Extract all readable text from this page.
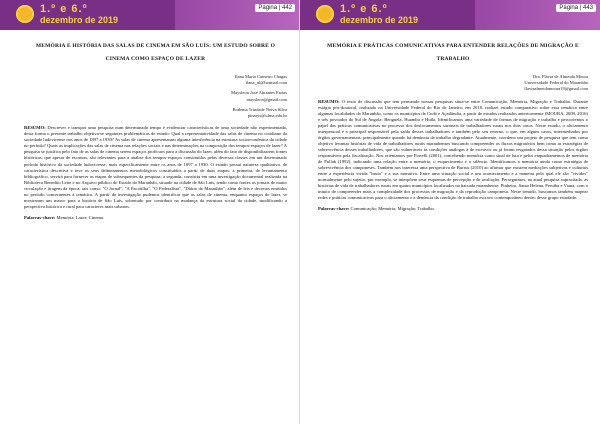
1.º e 6.º
dezembro de 2019
Página | 442
MEMÓRIA E HISTÓRIA DAS SALAS DE CINEMA EM SÃO LUÍS: UM ESTUDO SOBRE O CINEMA COMO ESPAÇO DE LAZER
Ilana Maria Carneiro Chagas
ilana_nl@hotmail.com
Maysleon José Abrantes Farias
maysleon@gmail.com
Bodenia Trindade Neiva Silva
pinarys@ufma.edu.br

RESUMO: Descrever e transpor uma pesquisa num determinado tempo é evidenciar características de uma sociedade não experimentada, desta forma o presente trabalho objetiva-se seguintes problemáticas de estudo: Qual a representatividade das salas de cinema no cotidiano da sociedade ludovicense nos anos de 1897 a 1930? As salas de cinema apresentaram alguma interferência na estrutura socioeconômica da cidade no período? Quais as implicações das salas de cinema nas relações sociais e nas determinações na composição dos tempos-espaços de lazer? A pesquisa se justifica pelo fato de as salas de cinema serem espaços profícuos para a discussão do lazer, além do fato de disponibilizarem fontes históricas, que apesar de escassas, são relevantes para a análise dos tempos-espaços constituídos pelas diversas classes em um determinado período histórico da sociedade ludovicense, mais especificamente entre os anos de 1897 a 1930. O estudo possui natureza qualitativa, de característica descritiva e teve os seus delineamentos metodológicos constituídos a partir de duas etapas: a primeira, de levantamento bibliográfico, servirá para fornecer as etapas de subsequentes da pesquisa; a segunda, consistiu em uma investigação documental realizada na Biblioteca Benedito Leite e no Arquivo público do Estado do Maranhão, situado na cidade de São Luís, tendo como fontes os jornais de maior circulação e tiragem da época, tais como: "O Jornal", "A Pacotilha", "O Federalista", "Diário do Maranhão", além de leis e decretos emitidos no período concernentes à temática. A partir da investigação pudemos identificar que as salas de cinema, enquanto espaços de lazer, se mostraram um marco para a história de São Luís, sobretudo por contribuir na mudança da estrutura social da cidade, modificando a perspectiva histórica e rural para caracteres mais urbanos.

Palavras-chave: Memória; Lazer; Cinema.
1.º e 6.º
dezembro de 2019
Página | 443
MEMÓRIA E PRÁTICAS COMUNICATIVAS PARA ENTENDER RELAÇÕES DE MIGRAÇÃO E TRABALHO
Dra. Flávia de Almeida Moura
Universidade Federal do Maranhão
flaviaalmeidamoura19@gmail.com

RESUMO: O texto de discussão que tem permeado nossas pesquisas situa-se entre Comunicação, Memória, Migração e Trabalho. Durante estágio pós-doutoral, realizado na Universidade Federal do Rio de Janeiro, em 2018, realizei estudo comparativo sobre essa temática entre algumas localidades do Maranhão, como os municípios de Codó e Açailândia, a partir de estudos realizados anteriormente (MOURA, 2009, 2016) e três povoados do Sul de Angola: Benguela, Huambo e Huíla. Identificamos uma variedade de formas de migração e trabalho e percorremos o papel das práticas comunicativas no processo dos deslocamentos sazonais de trabalhadores rurais nos dois casos. Neste estudo, o aliciamento interpessoal é a principal responsável pela saída desses trabalhadores e também pelo seu retorno, o que, em alguns casos, intermediados por órgãos governamentais, principalmente quando há denúncia de trabalho degradante. Atualmente, coordeno um projeto de pesquisa que tem como objetivo levantar histórias de vida de trabalhadores rurais maranhenses buscando compreender os fluxos migratórios bem como as estratégias de sobrevivência desses trabalhadores, que são vulneráveis às condições análogas à de escravos ou já foram resgatados dessa situação pelos órgãos responsáveis pela fiscalização. Nos orientamos por Portelli (2001), concebendo memória como sinal de luta e pelos enquadramentos de memória de Pollak (1992), indicando uma relação entre a memória, o esquecimento e o silêncio. Identificamos a memória ainda como estratégia de sobrevivência dos camponeses. Também nos interessa uma perspectiva de Burrus (2010) ao afirmar que existem mediações subjetivas e culturais entre a experiência vivida "bruta" e a sua narrativa. Entre uma situação social e um acontecimento e a maneira pela qual ele são "vividos" normalmente pelo sujeito, por exemplo, se interpõem seus esquemas de percepção e de avaliação. Perseguimos, na atual pesquisa supracitada, as histórias de vida de trabalhadores rurais em quatro municípios localizados na baixada maranhense: Pinheiro, Santa Helena, Peruíba e Viana, com o intuito de compreender mais a complexidade dos processos de migração e da reprodução camponesa. Neste sentido, buscamos também mapear redes e práticas comunicativas para o aliciamento e a denúncia da condição de trabalho escravo contemporâneo dentro desse grupo estudado.

Palavras-chave: Comunicação; Memória; Migração; Trabalho.
